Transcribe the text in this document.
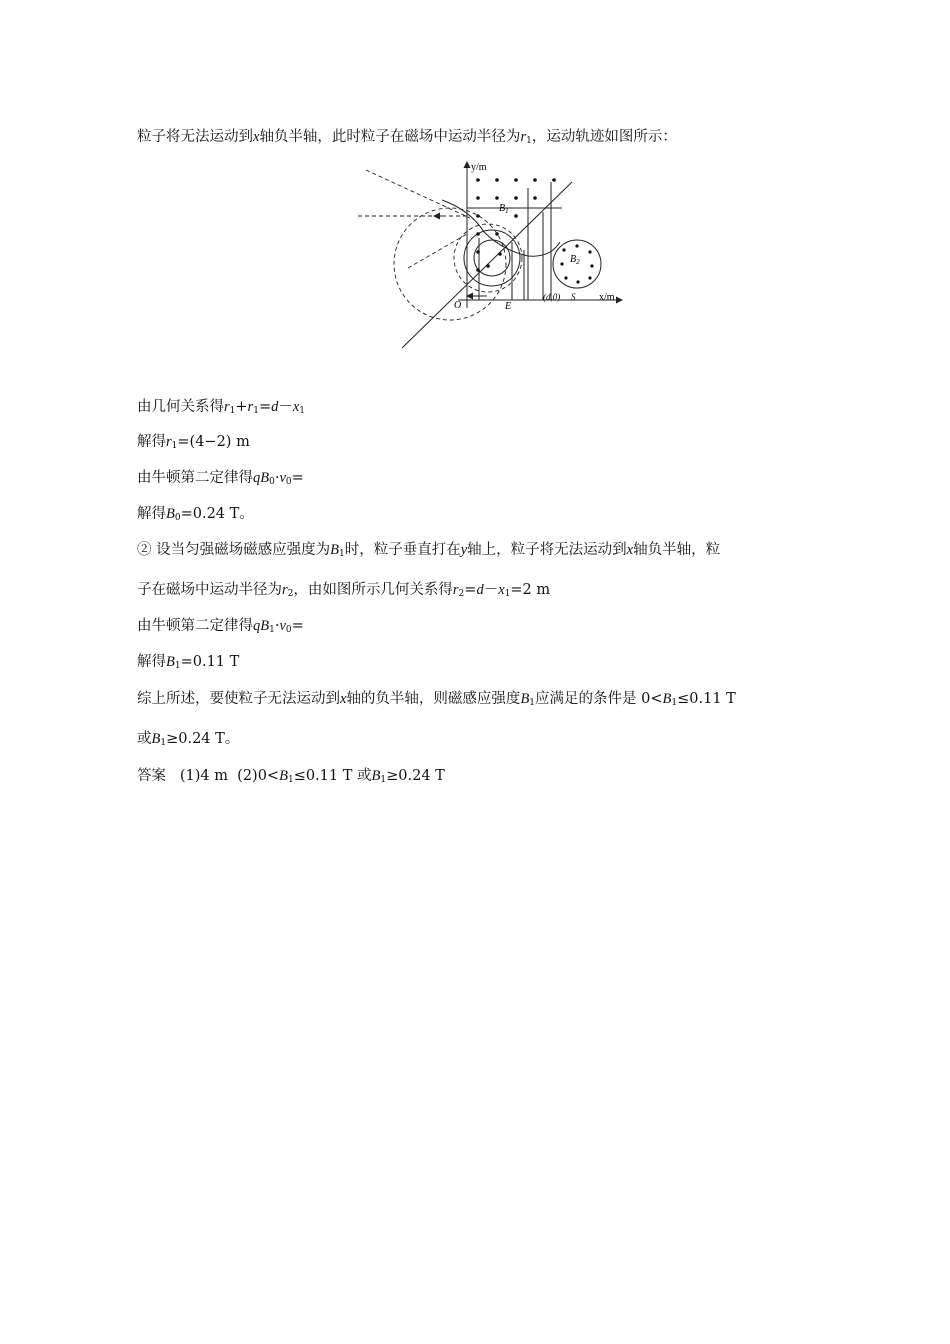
粒子将无法运动到x轴负半轴，此时粒子在磁场中运动半径为$r_1$，运动轨迹如图所示：
y/m
x/m
O	E
(d,0) S
$B_1$
$B_2$
由几何关系得$r_1+r_1=d-x_1$
解得$r_1=(4-2)$ m
由牛顿第二定律得$qB_0\cdot v_0=$
解得$B_0=0.24$ T。
② 设当匀强磁场磁感应强度为$B_1$时，粒子垂直打在y轴上，粒子将无法运动到x轴负半轴，粒
子在磁场中运动半径为$r_2$，由如图所示几何关系得$r_2=d-x_1=2$ m
由牛顿第二定律得$qB_1\cdot v_0=$
解得$B_1=0.11$ T
综上所述，要使粒子无法运动到x轴的负半轴，则磁感应强度$B_1$应满足的条件是 $0<B_1\le 0.11$ T
或$B_1\ge 0.24$ T。
答案 (1)4 m $(2)0<B_1\le 0.11$ T 或$B_1\ge 0.24$ T
